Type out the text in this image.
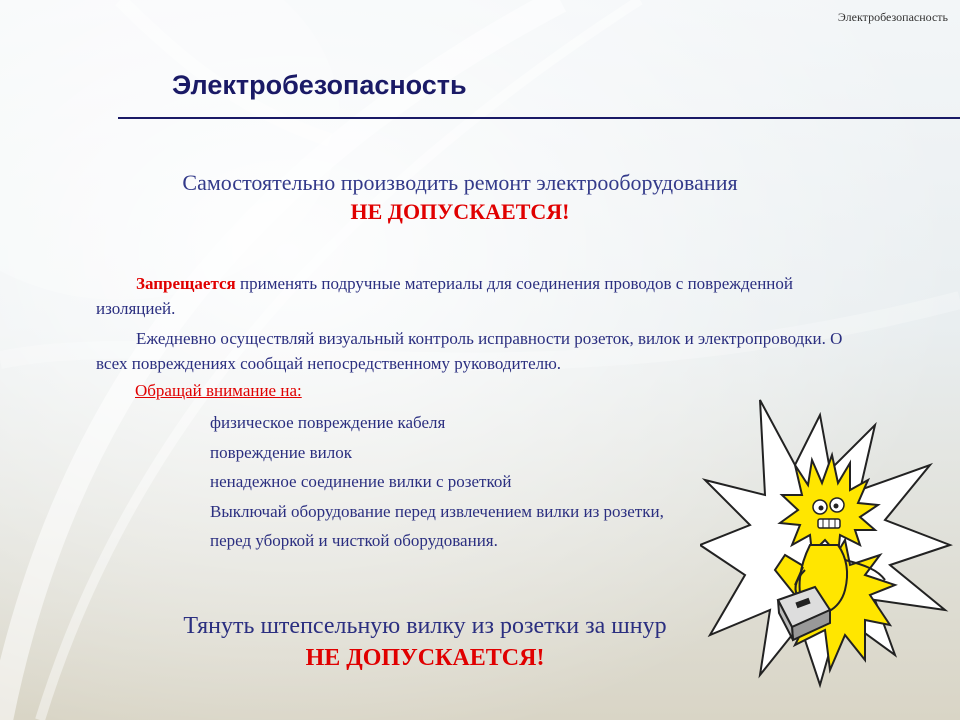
Электробезопасность
Электробезопасность
Самостоятельно производить ремонт электрооборудования
НЕ ДОПУСКАЕТСЯ!
Запрещается применять подручные материалы для соединения проводов с поврежденной изоляцией.
Ежедневно осуществляй визуальный контроль исправности розеток, вилок и электропроводки. О всех повреждениях сообщай непосредственному руководителю.
Обращай внимание на:
физическое повреждение кабеля
повреждение вилок
ненадежное соединение вилки с розеткой
Выключай оборудование перед извлечением вилки из розетки,
перед уборкой и чисткой оборудования.
Тянуть штепсельную вилку из розетки за шнур
НЕ ДОПУСКАЕТСЯ!
